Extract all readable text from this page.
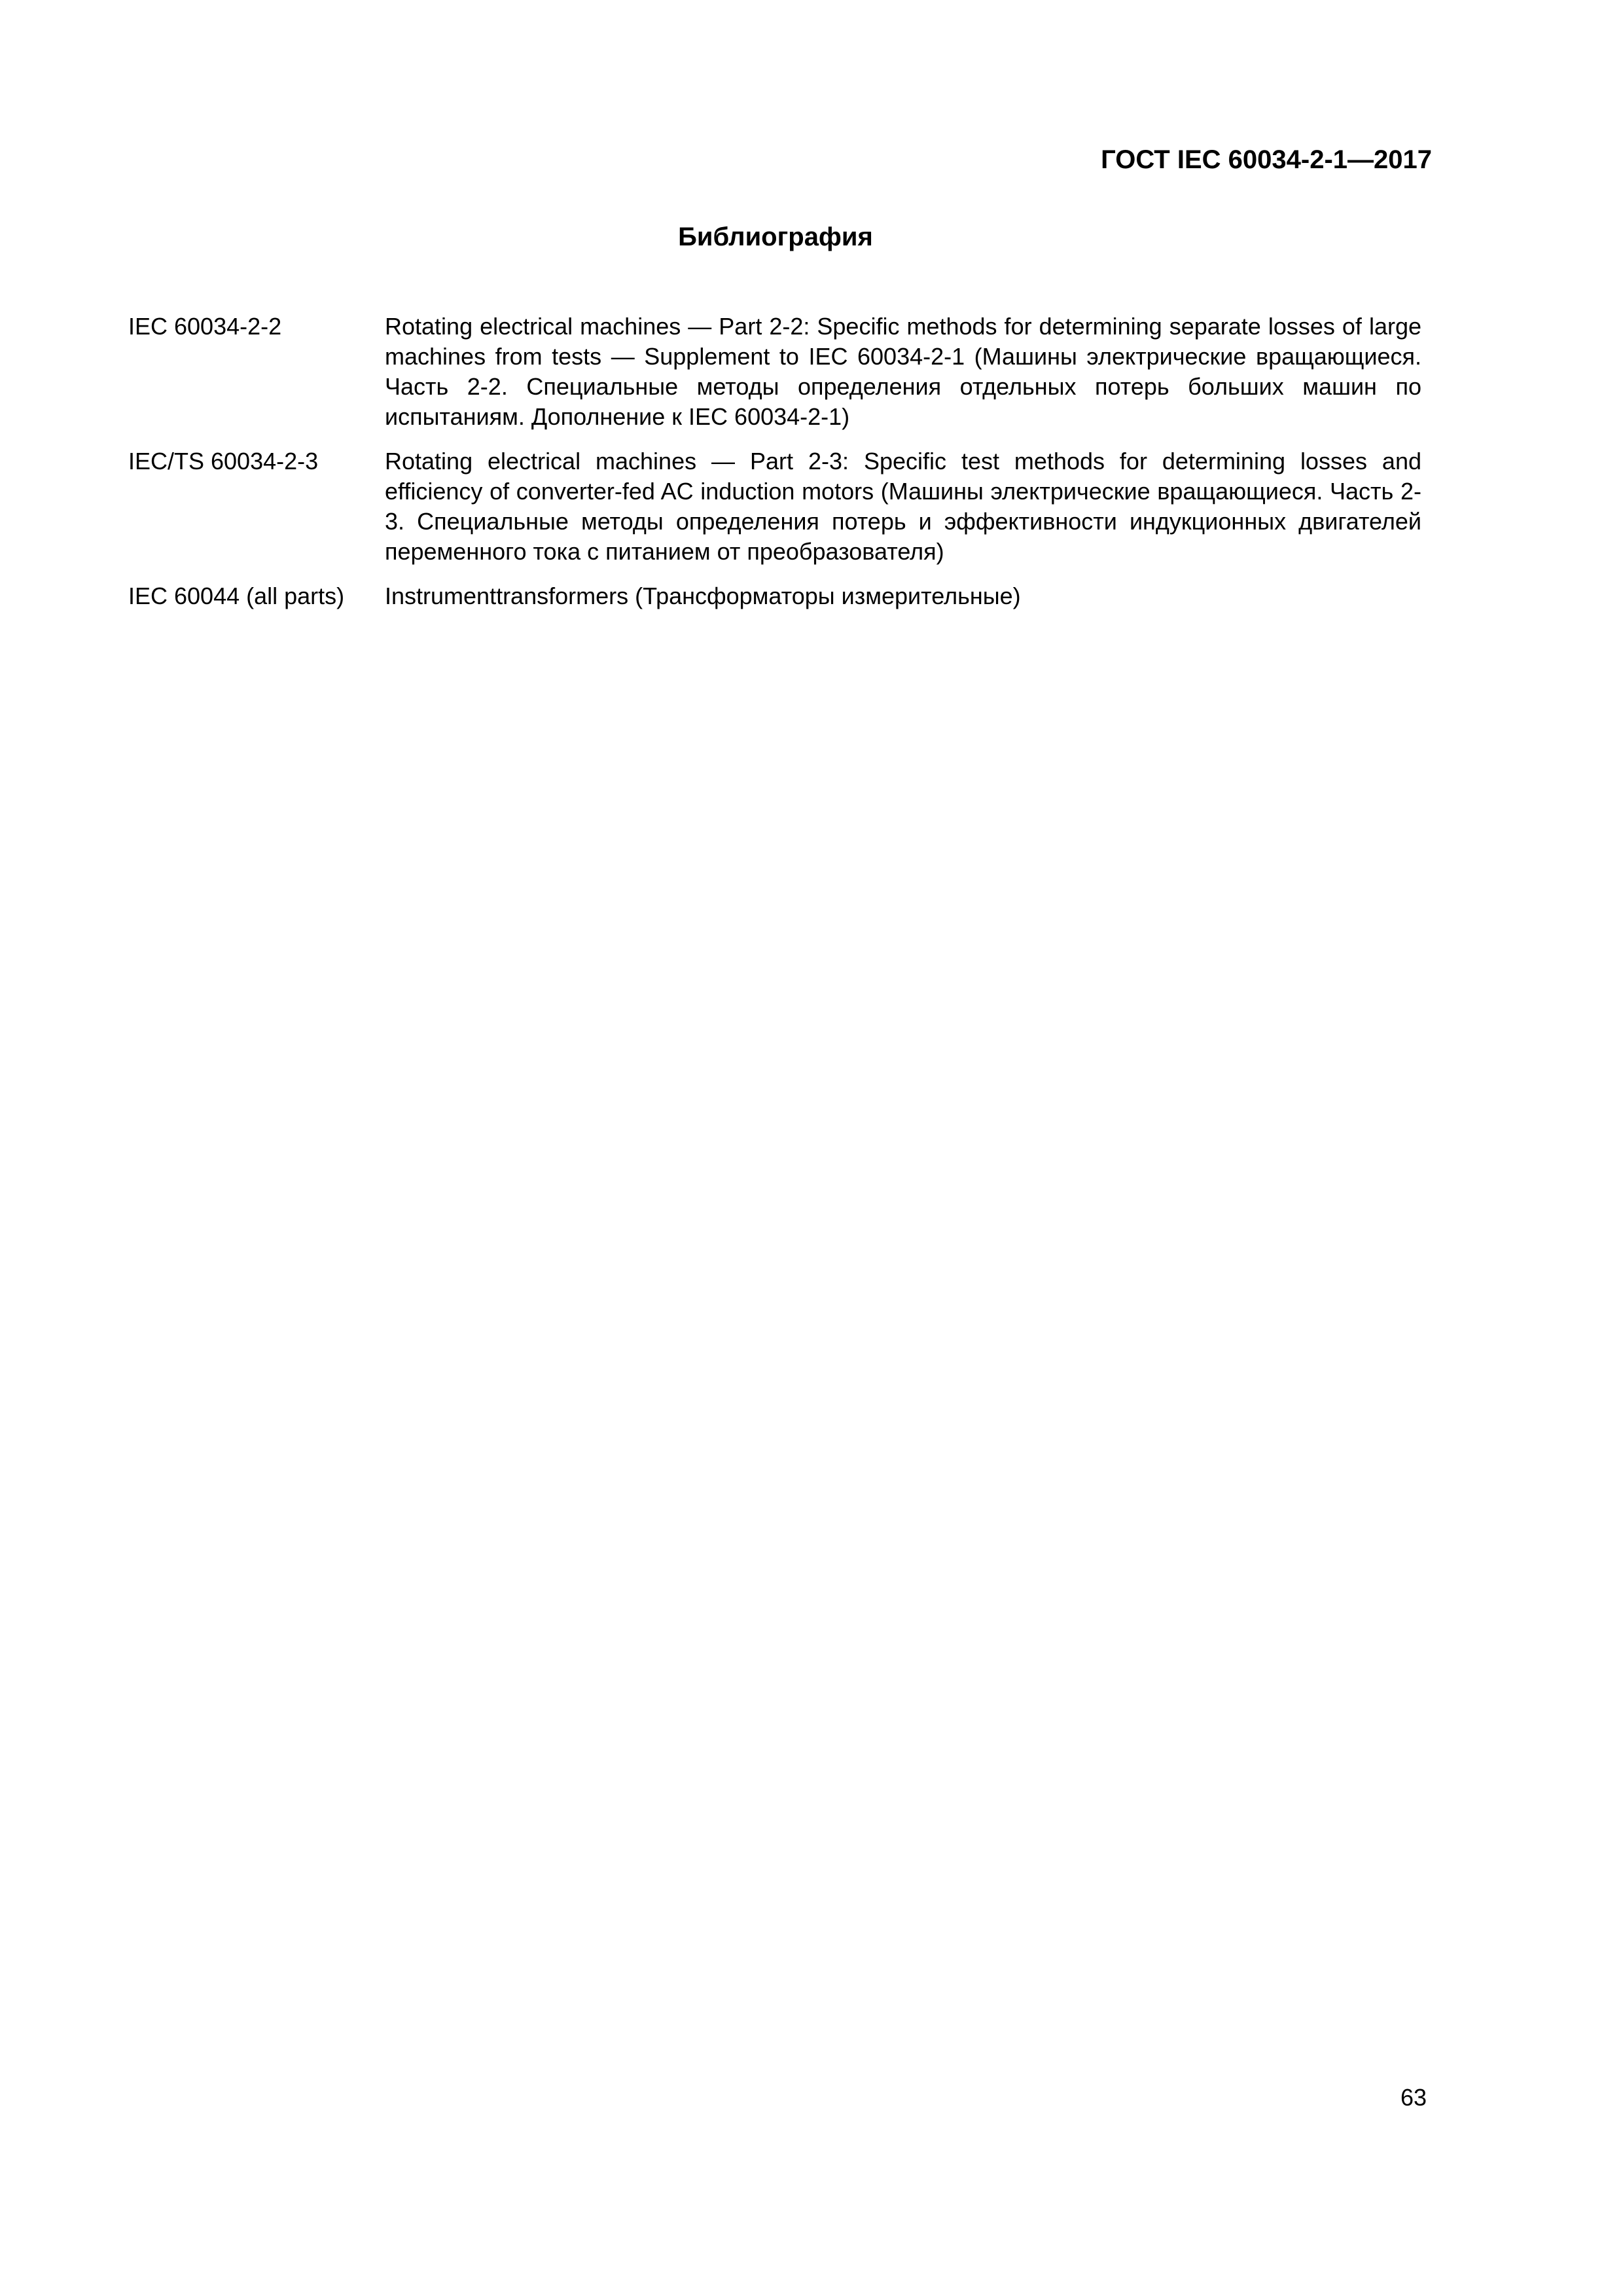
ГОСТ IEC 60034-2-1—2017
Библиография
IEC 60034-2-2	Rotating electrical machines — Part 2-2: Specific methods for determining separate losses of large machines from tests — Supplement to IEC 60034-2-1 (Машины электрические вращающиеся. Часть 2-2. Специальные методы определения отдельных потерь больших машин по испытаниям. Дополнение к IEC 60034-2-1)
IEC/TS 60034-2-3	Rotating electrical machines — Part 2-3: Specific test methods for determining losses and efficiency of converter-fed AC induction motors (Машины электрические вращающиеся. Часть 2-3. Специальные методы определения потерь и эффективности индукционных двигателей переменного тока с питанием от преобразователя)
IEC 60044 (all parts)	Instrumenttransformers (Трансформаторы измерительные)
63
